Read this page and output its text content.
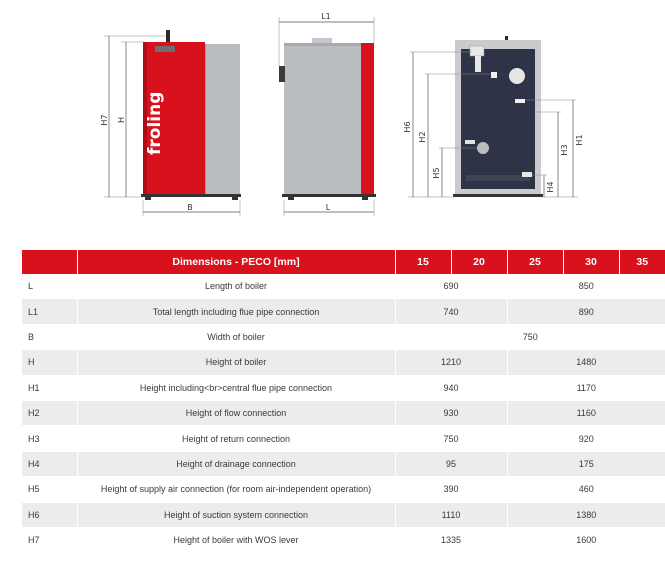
froling
H7 H
B
L1
L
H6
H2
H5
H1
H3
H4
	Dimensions - PECO [mm]	15	20	25	30	35
L	Length of boiler	690		850		
L1	Total length including flue pipe connection	740		890		
B	Width of boiler	750				
H	Height of boiler	1210		1480		
H1	Height including<br>central flue pipe connection	940		1170		
H2	Height of flow connection	930		1160		
H3	Height of return connection	750		920		
H4	Height of drainage connection	95		175		
H5	Height of supply air connection (for room air-independent operation)	390		460		
H6	Height of suction system connection	1110		1380		
H7	Height of boiler with WOS lever	1335		1600		
